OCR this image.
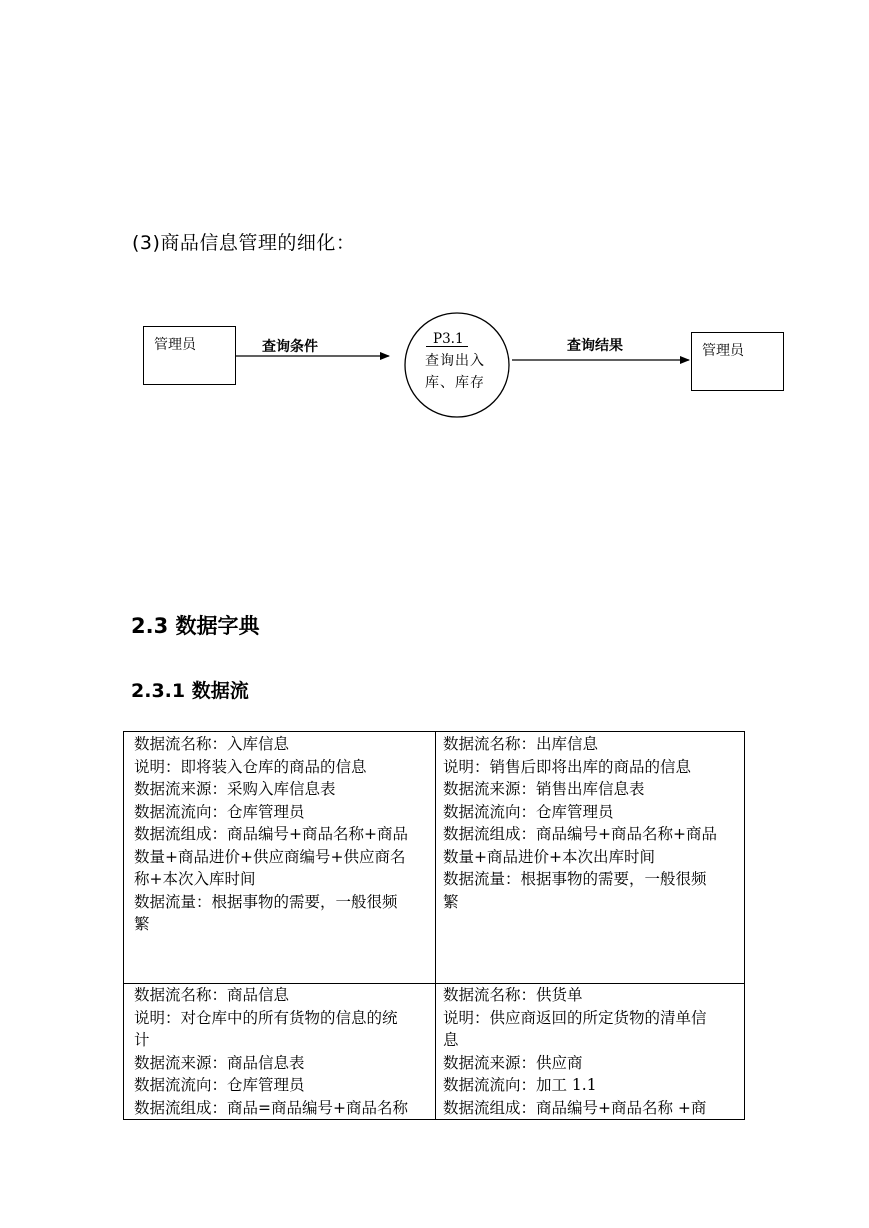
(3)商品信息管理的细化：
管理员	查询条件	P3.1
查询出入
库、库存
查询结果	管理员
2.3 数据字典
2.3.1 数据流
数据流名称：入库信息
说明：即将装入仓库的商品的信息
数据流来源：采购入库信息表
数据流流向：仓库管理员
数据流组成：商品编号+商品名称+商品
数量+商品进价+供应商编号+供应商名
称+本次入库时间
数据流量：根据事物的需要，一般很频
繁
数据流名称：出库信息
说明：销售后即将出库的商品的信息
数据流来源：销售出库信息表
数据流流向：仓库管理员
数据流组成：商品编号+商品名称+商品
数量+商品进价+本次出库时间
数据流量：根据事物的需要，一般很频
繁
数据流名称：商品信息
说明：对仓库中的所有货物的信息的统
计
数据流来源：商品信息表
数据流流向：仓库管理员
数据流组成：商品=商品编号+商品名称
数据流名称：供货单
说明：供应商返回的所定货物的清单信
息
数据流来源：供应商
数据流流向：加工 1.1
数据流组成：商品编号+商品名称 +商
